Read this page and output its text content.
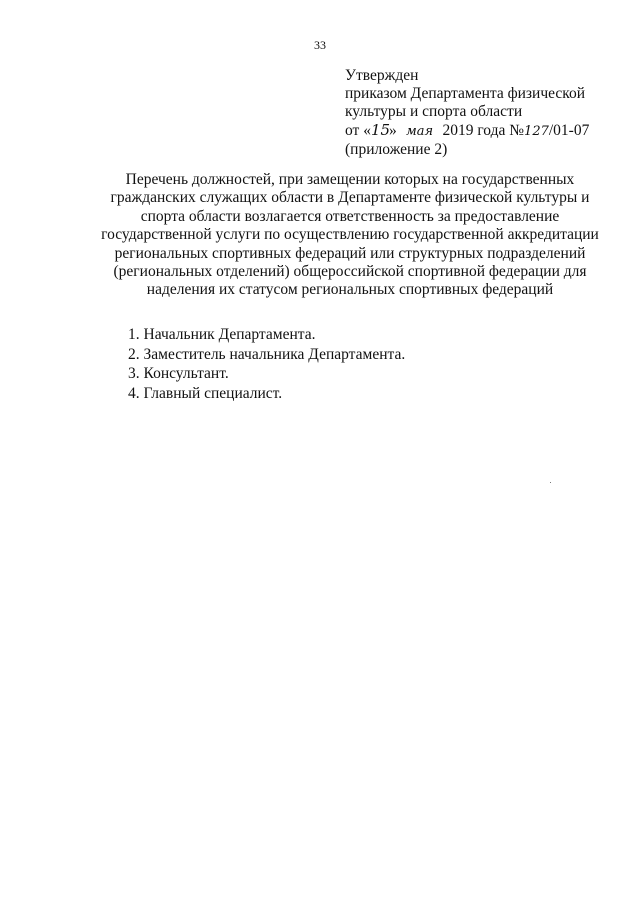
33
Утвержден
приказом Департамента физической
культуры и спорта области
от «15» мая 2019 года №127/01-07
(приложение 2)
Перечень должностей, при замещении которых на государственных
гражданских служащих области в Департаменте физической культуры и
спорта области возлагается ответственность за предоставление
государственной услуги по осуществлению государственной аккредитации
региональных спортивных федераций или структурных подразделений
(региональных отделений) общероссийской спортивной федерации для
наделения их статусом региональных спортивных федераций
1. Начальник Департамента.
2. Заместитель начальника Департамента.
3. Консультант.
4. Главный специалист.
